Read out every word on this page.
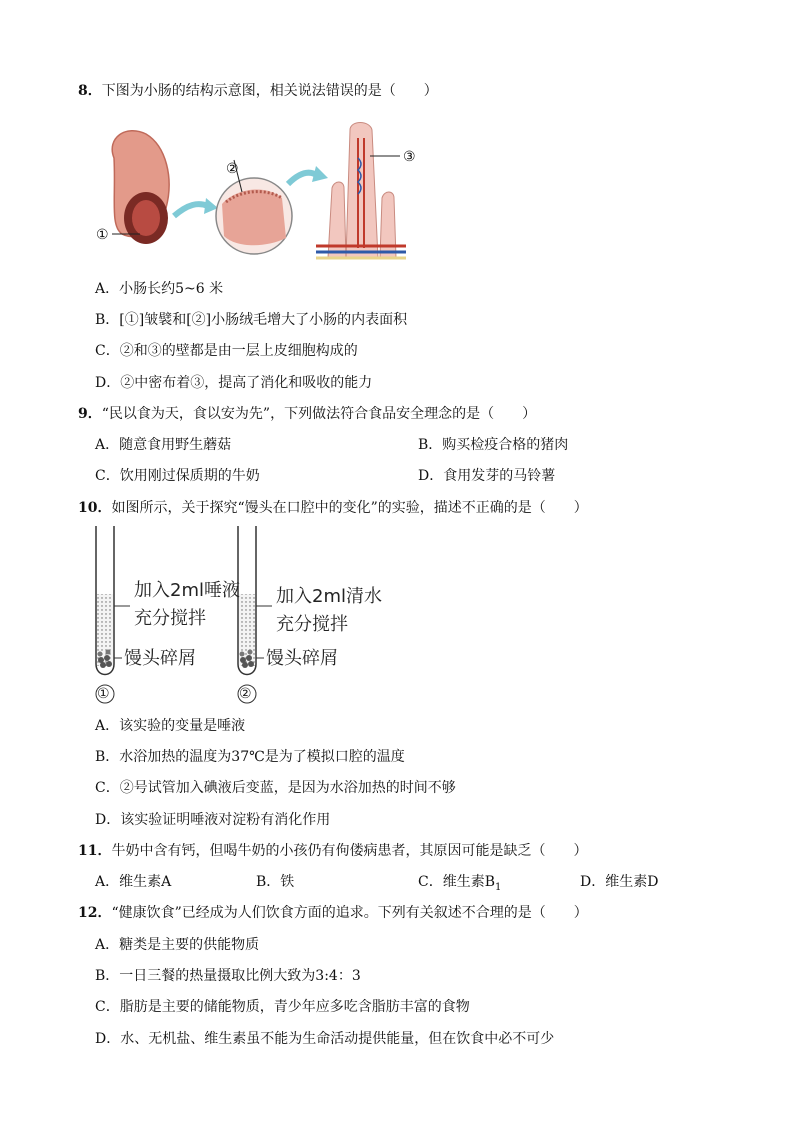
8．下图为小肠的结构示意图，相关说法错误的是（　　）
①
②
③
A．小肠长约5~6 米
B．[①]皱襞和[②]小肠绒毛增大了小肠的内表面积
C．②和③的壁都是由一层上皮细胞构成的
D．②中密布着③，提高了消化和吸收的能力
9．“民以食为天，食以安为先”，下列做法符合食品安全理念的是（　　）
A．随意食用野生蘑菇	B．购买检疫合格的猪肉
C．饮用刚过保质期的牛奶	D．食用发芽的马铃薯
10．如图所示，关于探究“馒头在口腔中的变化”的实验，描述不正确的是（　　）
加入2ml唾液
充分搅拌
馒头碎屑
①
加入2ml清水
充分搅拌
馒头碎屑
②
A．该实验的变量是唾液
B．水浴加热的温度为37℃是为了模拟口腔的温度
C．②号试管加入碘液后变蓝，是因为水浴加热的时间不够
D．该实验证明唾液对淀粉有消化作用
11．牛奶中含有钙，但喝牛奶的小孩仍有佝偻病患者，其原因可能是缺乏（　　）
A．维生素A	B．铁	C．维生素$B_1$	D．维生素D
12．“健康饮食”已经成为人们饮食方面的追求。下列有关叙述不合理的是（　　）
A．糖类是主要的供能物质
B．一日三餐的热量摄取比例大致为3:4：3
C．脂肪是主要的储能物质，青少年应多吃含脂肪丰富的食物
D．水、无机盐、维生素虽不能为生命活动提供能量，但在饮食中必不可少
